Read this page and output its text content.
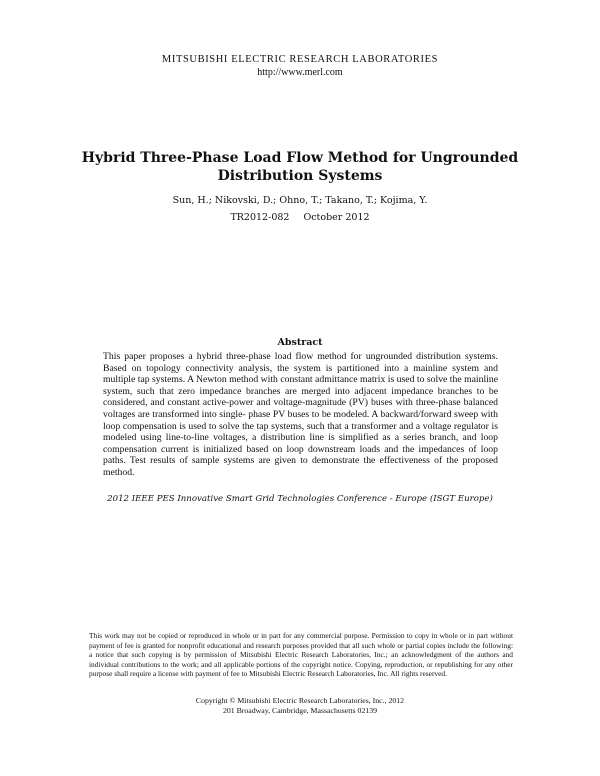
MITSUBISHI ELECTRIC RESEARCH LABORATORIES
http://www.merl.com
Hybrid Three-Phase Load Flow Method for Ungrounded Distribution Systems
Sun, H.; Nikovski, D.; Ohno, T.; Takano, T.; Kojima, Y.
TR2012-082 October 2012
Abstract
This paper proposes a hybrid three-phase load flow method for ungrounded distribution systems. Based on topology connectivity analysis, the system is partitioned into a mainline system and multiple tap systems. A Newton method with constant admittance matrix is used to solve the mainline system, such that zero impedance branches are merged into adjacent impedance branches to be considered, and constant active-power and voltage-magnitude (PV) buses with three-phase balanced voltages are transformed into single- phase PV buses to be modeled. A backward/forward sweep with loop compensation is used to solve the tap systems, such that a transformer and a voltage regulator is modeled using line-to-line voltages, a distribution line is simplified as a series branch, and loop compensation current is initialized based on loop downstream loads and the impedances of loop paths. Test results of sample systems are given to demonstrate the effectiveness of the proposed method.
2012 IEEE PES Innovative Smart Grid Technologies Conference - Europe (ISGT Europe)
This work may not be copied or reproduced in whole or in part for any commercial purpose. Permission to copy in whole or in part without payment of fee is granted for nonprofit educational and research purposes provided that all such whole or partial copies include the following: a notice that such copying is by permission of Mitsubishi Electric Research Laboratories, Inc.; an acknowledgment of the authors and individual contributions to the work; and all applicable portions of the copyright notice. Copying, reproduction, or republishing for any other purpose shall require a license with payment of fee to Mitsubishi Electric Research Laboratories, Inc. All rights reserved.
Copyright © Mitsubishi Electric Research Laboratories, Inc., 2012
201 Broadway, Cambridge, Massachusetts 02139
